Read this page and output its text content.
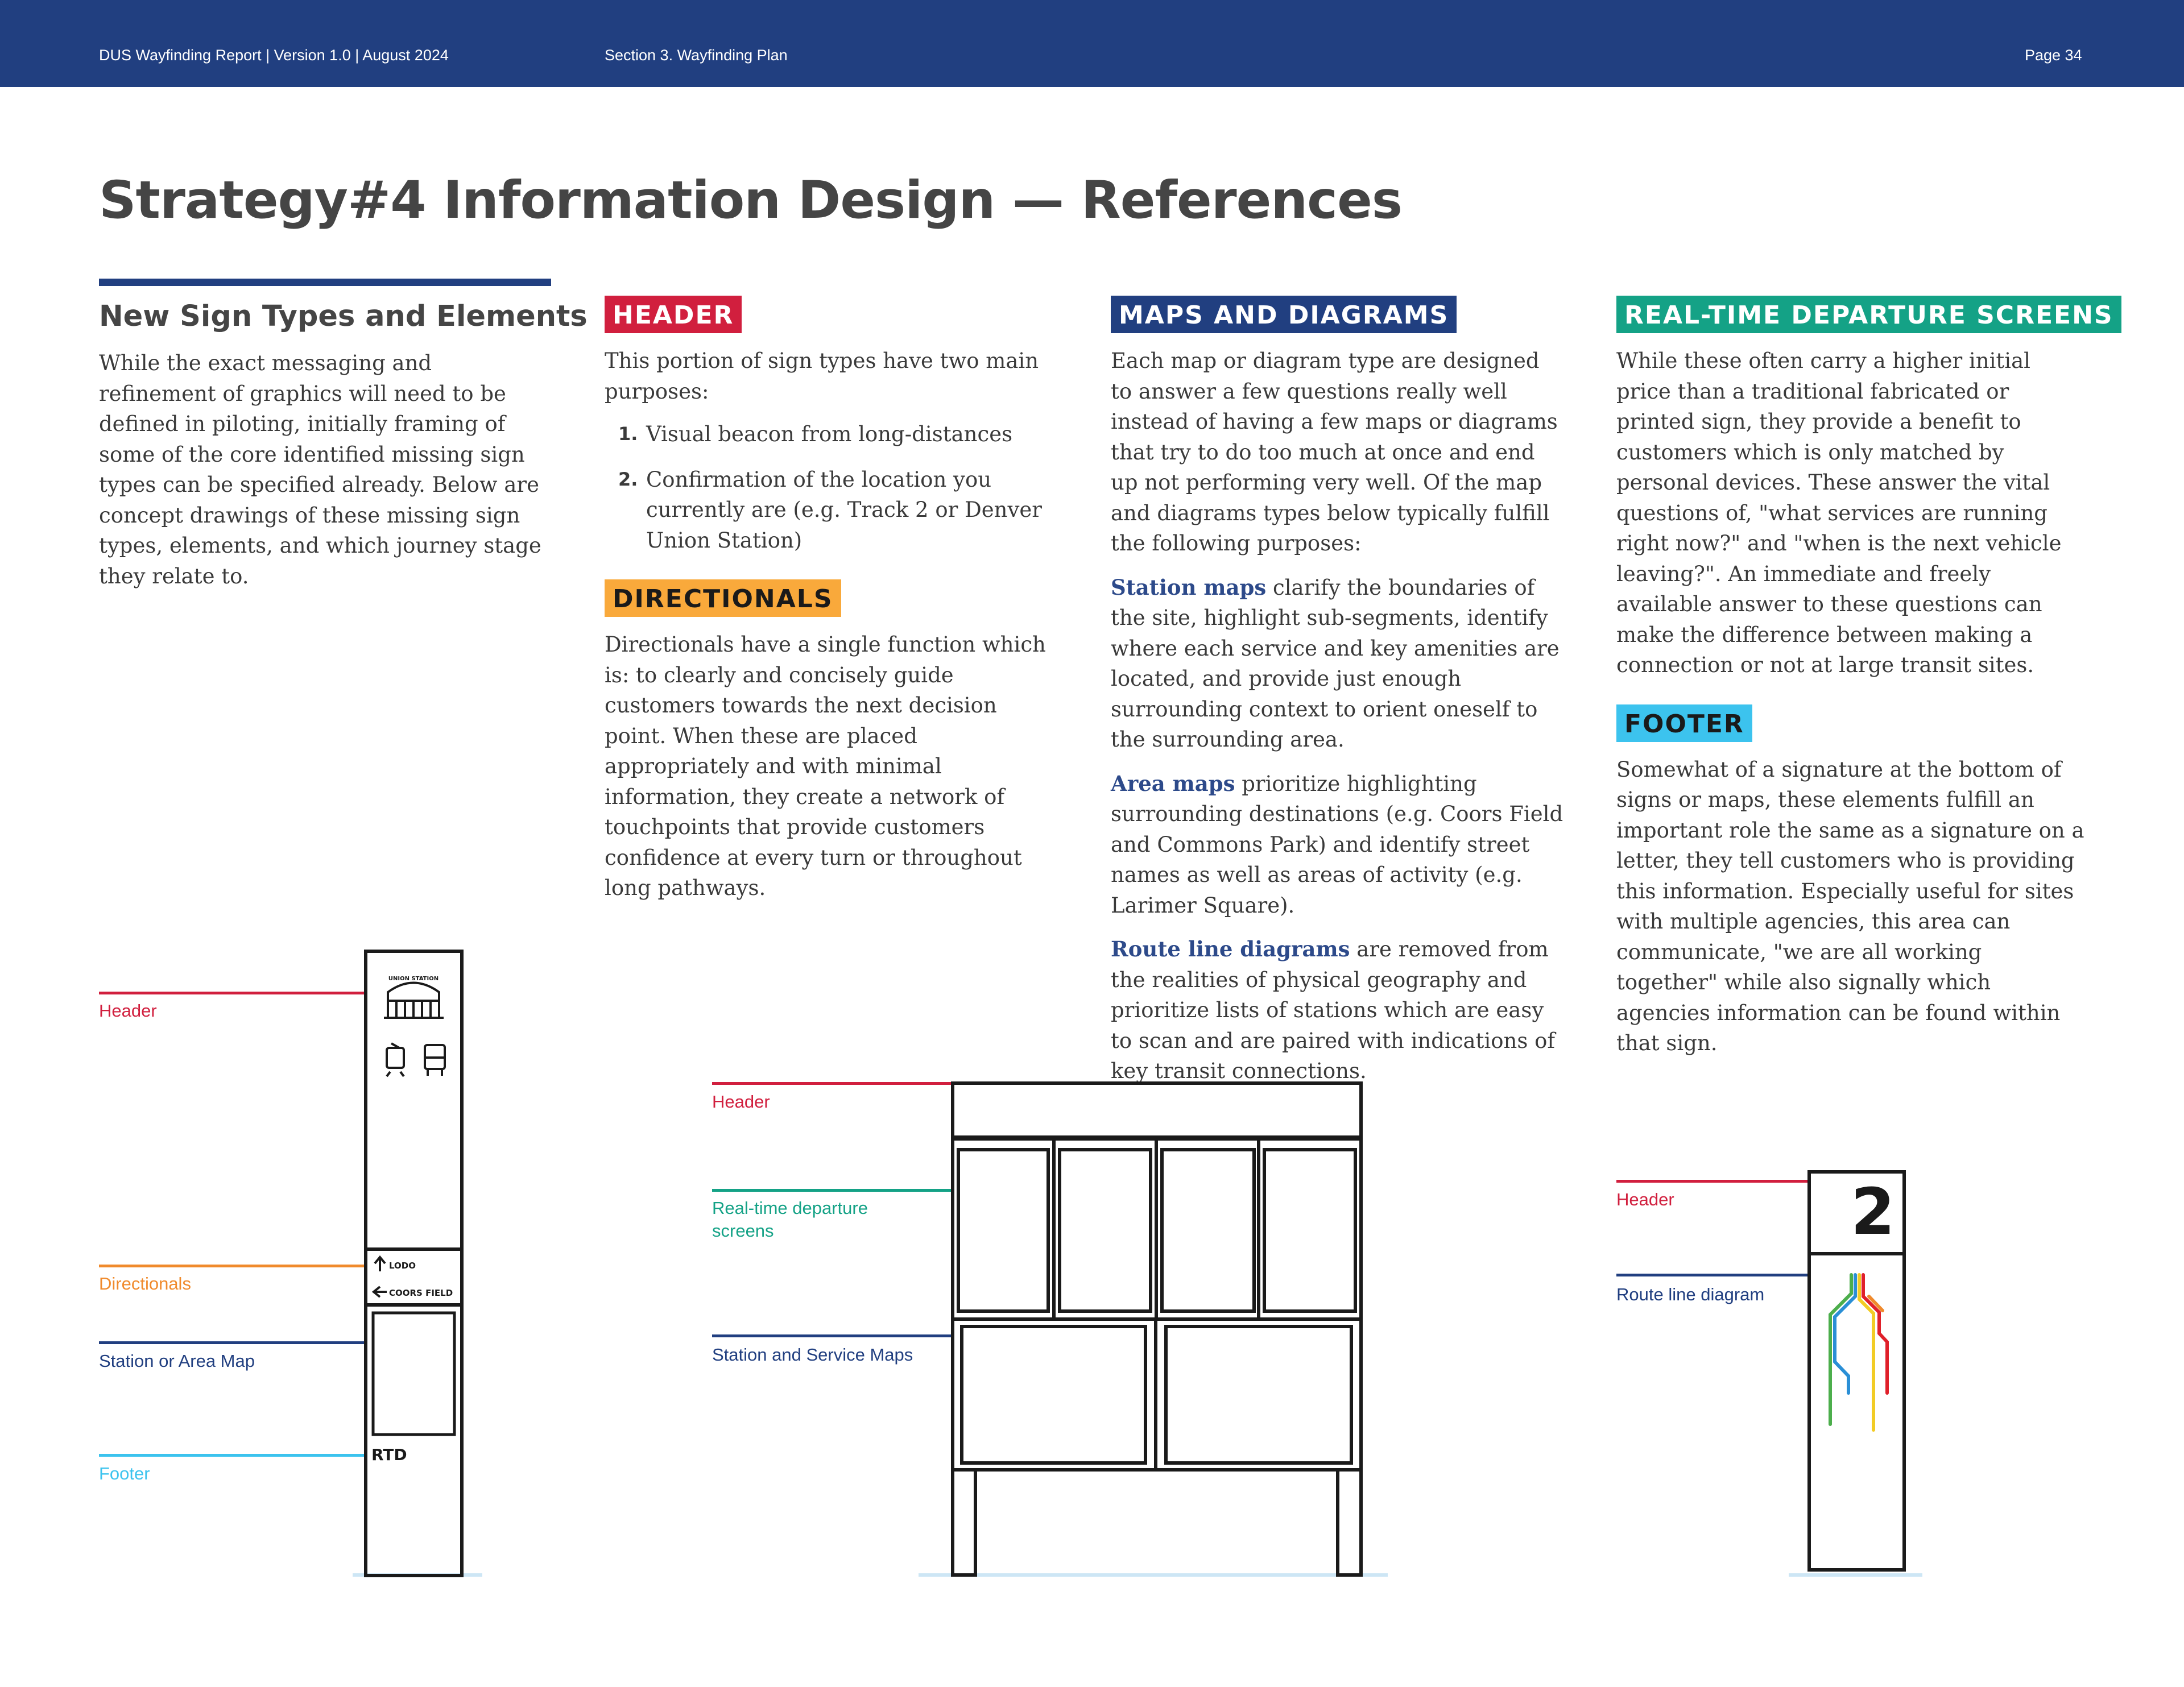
DUS Wayfinding Report | Version 1.0 | August 2024	Section 3. Wayfinding Plan	Page 34
Strategy#4 Information Design — References
New Sign Types and Elements

While the exact messaging and refinement of graphics will need to be defined in piloting, initially framing of some of the core identified missing sign types can be specified already. Below are concept drawings of these missing sign types, elements, and which journey stage they relate to.

HEADER

This portion of sign types have two main purposes:

1. Visual beacon from long-distances
2. Confirmation of the location you currently are (e.g. Track 2 or Denver Union Station)
DIRECTIONALS

Directionals have a single function which is: to clearly and concisely guide customers towards the next decision point. When these are placed appropriately and with minimal information, they create a network of touchpoints that provide customers confidence at every turn or throughout long pathways.

MAPS AND DIAGRAMS

Each map or diagram type are designed to answer a few questions really well instead of having a few maps or diagrams that try to do too much at once and end up not performing very well. Of the map and diagrams types below typically fulfill the following purposes:

Station maps clarify the boundaries of the site, highlight sub-segments, identify where each service and key amenities are located, and provide just enough surrounding context to orient oneself to the surrounding area.

Area maps prioritize highlighting surrounding destinations (e.g. Coors Field and Commons Park) and identify street names as well as areas of activity (e.g. Larimer Square).

Route line diagrams are removed from the realities of physical geography and prioritize lists of stations which are easy to scan and are paired with indications of key transit connections.

REAL-TIME DEPARTURE SCREENS

While these often carry a higher initial price than a traditional fabricated or printed sign, they provide a benefit to customers which is only matched by personal devices. These answer the vital questions of, "what services are running right now?" and "when is the next vehicle leaving?". An immediate and freely available answer to these questions can make the difference between making a connection or not at large transit sites.

FOOTER

Somewhat of a signature at the bottom of signs or maps, these elements fulfill an important role the same as a signature on a letter, they tell customers who is providing this information. Especially useful for sites with multiple agencies, this area can communicate, "we are all working together" while also signally which agencies information can be found within that sign.

Header
Directionals
Station or Area Map
Footer
Header
Real-time departure screens
Station and Service Maps
Header
Route line diagram
UNION STATION
LODO
COORS FIELD
RTD
2
